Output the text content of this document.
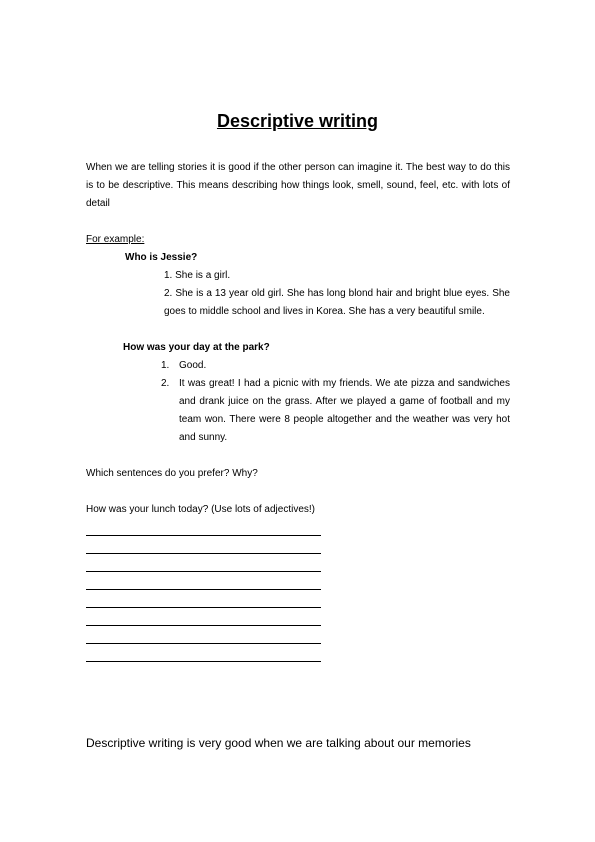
Descriptive writing
When we are telling stories it is good if the other person can imagine it. The best way to do this is to be descriptive. This means describing how things look, smell, sound, feel, etc. with lots of detail
For example:
Who is Jessie?
1. She is a girl.
2. She is a 13 year old girl. She has long blond hair and bright blue eyes. She goes to middle school and lives in Korea. She has a very beautiful smile.
How was your day at the park?
1. Good.
2. It was great! I had a picnic with my friends. We ate pizza and sandwiches and drank juice on the grass. After we played a game of football and my team won. There were 8 people altogether and the weather was very hot and sunny.
Which sentences do you prefer? Why?
How was your lunch today? (Use lots of adjectives!)
Descriptive writing is very good when we are talking about our memories
